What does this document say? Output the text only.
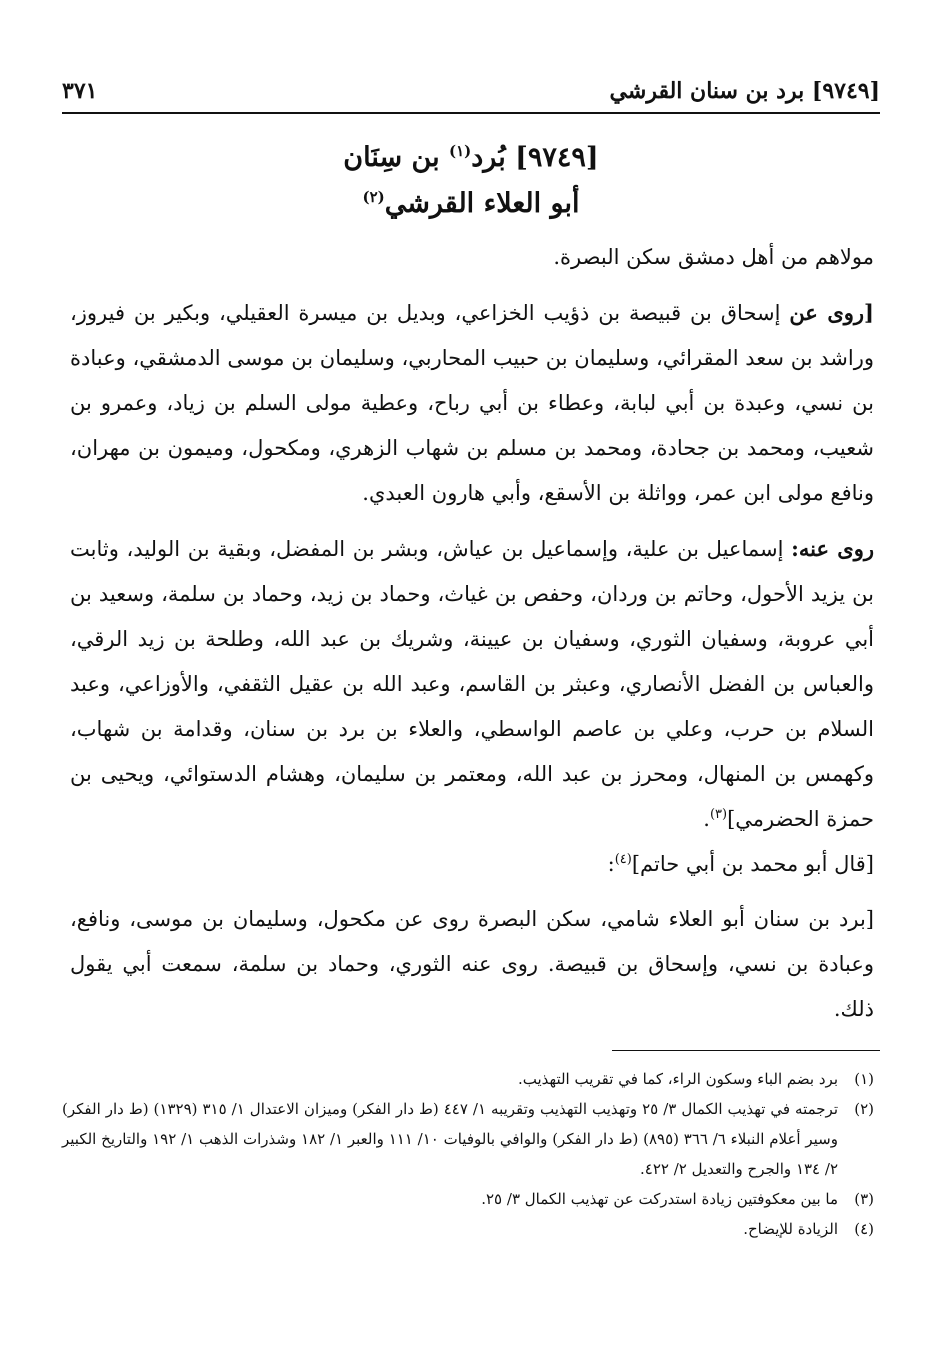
[٩٧٤٩] برد بن سنان القرشي
٣٧١
[٩٧٤٩] بُرد$^{(١)}$ بن سِنَان
أبو العلاء القرشي$^{(٢)}$

مولاهم من أهل دمشق سكن البصرة.

[روى عن إسحاق بن قبيصة بن ذؤيب الخزاعي، وبديل بن ميسرة العقيلي، وبكير بن فيروز، وراشد بن سعد المقرائي، وسليمان بن حبيب المحاربي، وسليمان بن موسى الدمشقي، وعبادة بن نسي، وعبدة بن أبي لبابة، وعطاء بن أبي رباح، وعطية مولى السلم بن زياد، وعمرو بن شعيب، ومحمد بن جحادة، ومحمد بن مسلم بن شهاب الزهري، ومكحول، وميمون بن مهران، ونافع مولى ابن عمر، وواثلة بن الأسقع، وأبي هارون العبدي.

روى عنه: إسماعيل بن علية، وإسماعيل بن عياش، وبشر بن المفضل، وبقية بن الوليد، وثابت بن يزيد الأحول، وحاتم بن وردان، وحفص بن غياث، وحماد بن زيد، وحماد بن سلمة، وسعيد بن أبي عروبة، وسفيان الثوري، وسفيان بن عيينة، وشريك بن عبد الله، وطلحة بن زيد الرقي، والعباس بن الفضل الأنصاري، وعبثر بن القاسم، وعبد الله بن عقيل الثقفي، والأوزاعي، وعبد السلام بن حرب، وعلي بن عاصم الواسطي، والعلاء بن برد بن سنان، وقدامة بن شهاب، وكهمس بن المنهال، ومحرز بن عبد الله، ومعتمر بن سليمان، وهشام الدستوائي، ويحيى بن حمزة الحضرمي]$^{(٣)}$.

[قال أبو محمد بن أبي حاتم]$^{(٤)}$:

[برد بن سنان أبو العلاء شامي، سكن البصرة روى عن مكحول، وسليمان بن موسى، ونافع، وعبادة بن نسي، وإسحاق بن قبيصة. روى عنه الثوري، وحماد بن سلمة، سمعت أبي يقول ذلك.

(١)
برد بضم الباء وسكون الراء، كما في تقريب التهذيب.
(٢)
ترجمته في تهذيب الكمال ٣/ ٢٥ وتهذيب التهذيب وتقريبه ١/ ٤٤٧ (ط دار الفكر) وميزان الاعتدال ١/ ٣١٥ (١٣٢٩) (ط دار الفكر) وسير أعلام النبلاء ٦/ ٣٦٦ (٨٩٥) (ط دار الفكر) والوافي بالوفيات ١٠/ ١١١ والعبر ١/ ١٨٢ وشذرات الذهب ١/ ١٩٢ والتاريخ الكبير ٢/ ١٣٤ والجرح والتعديل ٢/ ٤٢٢.
(٣)
ما بين معكوفتين زيادة استدركت عن تهذيب الكمال ٣/ ٢٥.
(٤)
الزيادة للإيضاح.
